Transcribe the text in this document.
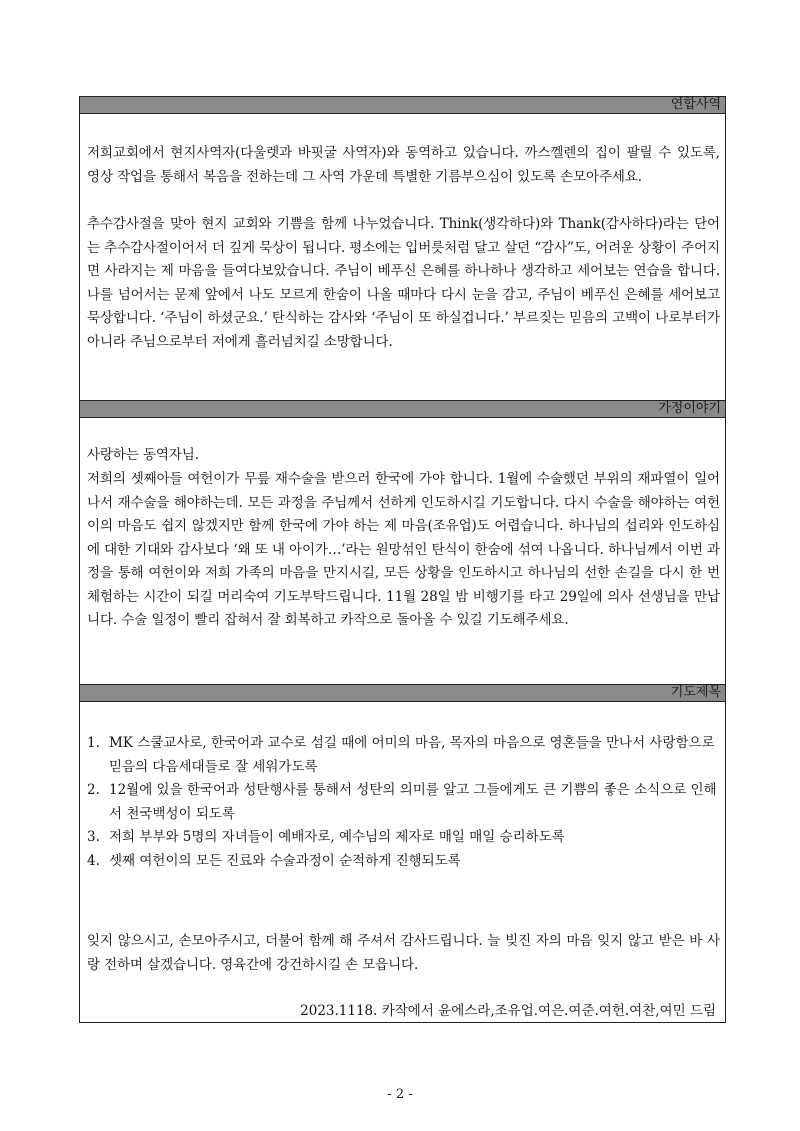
연합사역

저희교회에서 현지사역자(다울렛과 바핏굴 사역자)와 동역하고 있습니다. 까스껠렌의 집이 팔릴 수 있도록, 영상 작업을 통해서 복음을 전하는데 그 사역 가운데 특별한 기름부으심이 있도록 손모아주세요.

추수감사절을 맞아 현지 교회와 기쁨을 함께 나누었습니다. Think(생각하다)와 Thank(감사하다)라는 단어는 추수감사절이어서 더 깊게 묵상이 됩니다. 평소에는 입버릇처럼 달고 살던 “감사”도, 어려운 상황이 주어지면 사라지는 제 마음을 들여다보았습니다. 주님이 베푸신 은혜를 하나하나 생각하고 세어보는 연습을 합니다. 나를 넘어서는 문제 앞에서 나도 모르게 한숨이 나올 때마다 다시 눈을 감고, 주님이 베푸신 은혜를 세어보고 묵상합니다. ‘주님이 하셨군요.’ 탄식하는 감사와 ‘주님이 또 하실겁니다.’ 부르짖는 믿음의 고백이 나로부터가 아니라 주님으로부터 저에게 흘러넘치길 소망합니다.

가정이야기

사랑하는 동역자님.

저희의 셋째아들 여헌이가 무릎 재수술을 받으러 한국에 가야 합니다. 1월에 수술했던 부위의 재파열이 일어나서 재수술을 해야하는데. 모든 과정을 주님께서 선하게 인도하시길 기도합니다. 다시 수술을 해야하는 여헌이의 마음도 쉽지 않겠지만 함께 한국에 가야 하는 제 마음(조유업)도 어렵습니다. 하나님의 섭리와 인도하심에 대한 기대와 감사보다 ‘왜 또 내 아이가…’라는 원망섞인 탄식이 한숨에 섞여 나옵니다. 하나님께서 이번 과정을 통해 여헌이와 저희 가족의 마음을 만지시길, 모든 상황을 인도하시고 하나님의 선한 손길을 다시 한 번 체험하는 시간이 되길 머리숙여 기도부탁드립니다. 11월 28일 밤 비행기를 타고 29일에 의사 선생님을 만납니다. 수술 일정이 빨리 잡혀서 잘 회복하고 카작으로 돌아올 수 있길 기도해주세요.

기도제목
1. MK 스쿨교사로, 한국어과 교수로 섬길 때에 어미의 마음, 목자의 마음으로 영혼들을 만나서 사랑함으로 믿음의 다음세대들로 잘 세워가도록
2. 12월에 있을 한국어과 성탄행사를 통해서 성탄의 의미를 알고 그들에게도 큰 기쁨의 좋은 소식으로 인해서 천국백성이 되도록
3. 저희 부부와 5명의 자녀들이 예배자로, 예수님의 제자로 매일 매일 승리하도록
4. 셋째 여헌이의 모든 진료와 수술과정이 순적하게 진행되도록

잊지 않으시고, 손모아주시고, 더불어 함께 해 주셔서 감사드립니다. 늘 빚진 자의 마음 잊지 않고 받은 바 사랑 전하며 살겠습니다. 영육간에 강건하시길 손 모읍니다.

2023.1118. 카작에서 윤에스라,조유업.여은.여준.여헌.여찬,여민 드림
- 2 -
